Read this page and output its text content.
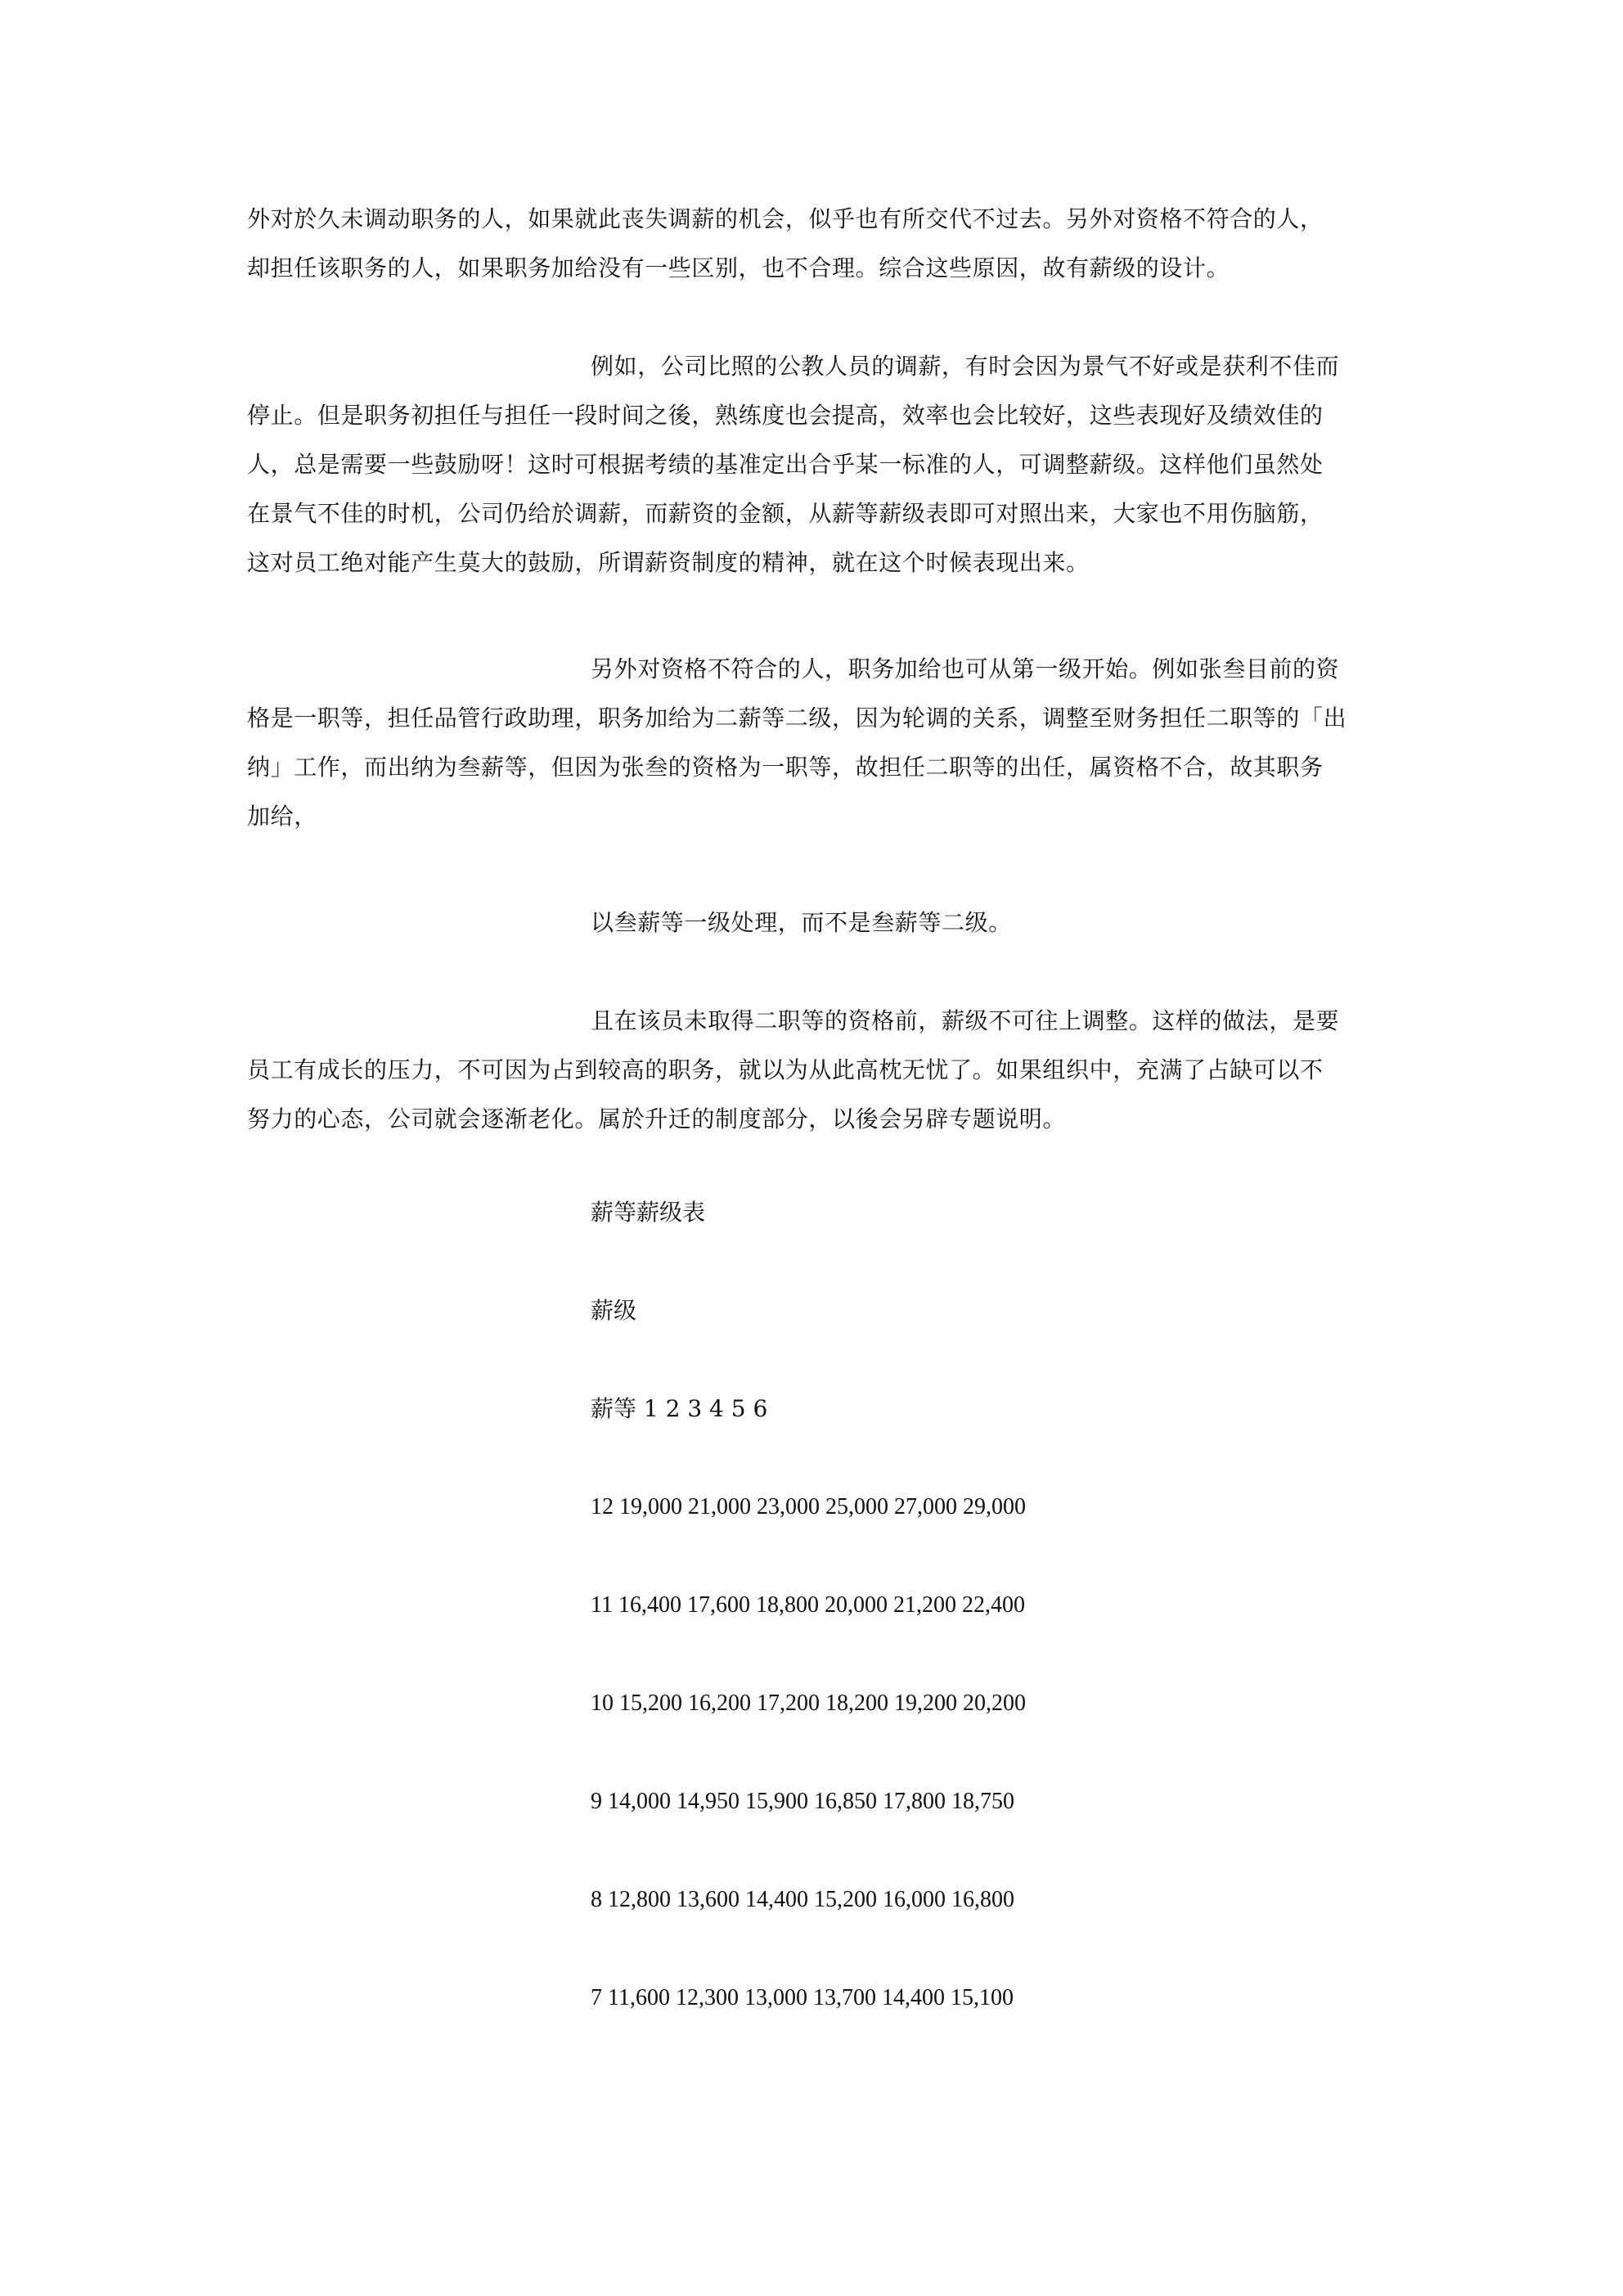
外对於久未调动职务的人，如果就此丧失调薪的机会，似乎也有所交代不过去。另外对资格不符合的人，
却担任该职务的人，如果职务加给没有一些区别，也不合理。综合这些原因，故有薪级的设计。
例如，公司比照的公教人员的调薪，有时会因为景气不好或是获利不佳而
停止。但是职务初担任与担任一段时间之後，熟练度也会提高，效率也会比较好，这些表现好及绩效佳的
人，总是需要一些鼓励呀！这时可根据考绩的基准定出合乎某一标准的人，可调整薪级。这样他们虽然处
在景气不佳的时机，公司仍给於调薪，而薪资的金额，从薪等薪级表即可对照出来，大家也不用伤脑筋，
这对员工绝对能产生莫大的鼓励，所谓薪资制度的精神，就在这个时候表现出来。
另外对资格不符合的人，职务加给也可从第一级开始。例如张叁目前的资
格是一职等，担任品管行政助理，职务加给为二薪等二级，因为轮调的关系，调整至财务担任二职等的「出
纳」工作，而出纳为叁薪等，但因为张叁的资格为一职等，故担任二职等的出任，属资格不合，故其职务
加给，
以叁薪等一级处理，而不是叁薪等二级。
且在该员未取得二职等的资格前，薪级不可往上调整。这样的做法，是要
员工有成长的压力，不可因为占到较高的职务，就以为从此高枕无忧了。如果组织中，充满了占缺可以不
努力的心态，公司就会逐渐老化。属於升迁的制度部分，以後会另辟专题说明。

薪等薪级表

薪级

薪等 1 2 3 4 5 6

12 19,000 21,000 23,000 25,000 27,000 29,000

11 16,400 17,600 18,800 20,000 21,200 22,400

10 15,200 16,200 17,200 18,200 19,200 20,200

9 14,000 14,950 15,900 16,850 17,800 18,750

8 12,800 13,600 14,400 15,200 16,000 16,800

7 11,600 12,300 13,000 13,700 14,400 15,100
